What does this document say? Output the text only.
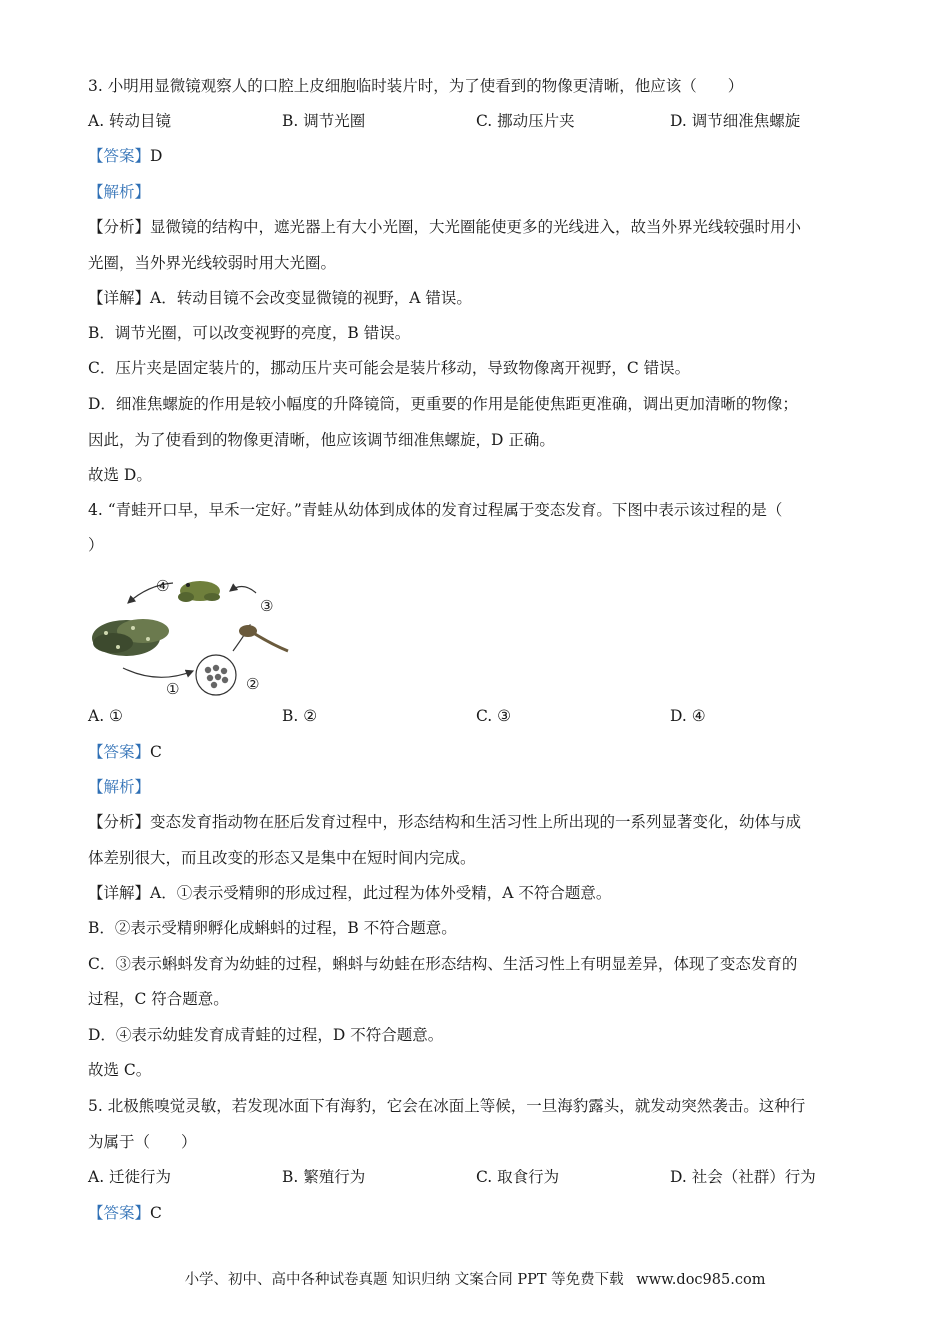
3. 小明用显微镜观察人的口腔上皮细胞临时装片时，为了使看到的物像更清晰，他应该（　　）
A. 转动目镜	B. 调节光圈	C. 挪动压片夹	D. 调节细准焦螺旋
【答案】D
【解析】
【分析】显微镜的结构中，遮光器上有大小光圈，大光圈能使更多的光线进入，故当外界光线较强时用小
光圈，当外界光线较弱时用大光圈。
【详解】A．转动目镜不会改变显微镜的视野，A 错误。
B．调节光圈，可以改变视野的亮度，B 错误。
C．压片夹是固定装片的，挪动压片夹可能会是装片移动，导致物像离开视野，C 错误。
D．细准焦螺旋的作用是较小幅度的升降镜筒，更重要的作用是能使焦距更准确，调出更加清晰的物像；
因此，为了使看到的物像更清晰，他应该调节细准焦螺旋，D 正确。
故选 D。
4. “青蛙开口早，早禾一定好。”青蛙从幼体到成体的发育过程属于变态发育。下图中表示该过程的是（
）
①	②
③
④
A. ①	B. ②	C. ③	D. ④
【答案】C
【解析】
【分析】变态发育指动物在胚后发育过程中，形态结构和生活习性上所出现的一系列显著变化，幼体与成
体差别很大，而且改变的形态又是集中在短时间内完成。
【详解】A．①表示受精卵的形成过程，此过程为体外受精，A 不符合题意。
B．②表示受精卵孵化成蝌蚪的过程，B 不符合题意。
C．③表示蝌蚪发育为幼蛙的过程，蝌蚪与幼蛙在形态结构、生活习性上有明显差异，体现了变态发育的
过程，C 符合题意。
D．④表示幼蛙发育成青蛙的过程，D 不符合题意。
故选 C。
5. 北极熊嗅觉灵敏，若发现冰面下有海豹，它会在冰面上等候，一旦海豹露头，就发动突然袭击。这种行
为属于（　　）
A. 迁徙行为	B. 繁殖行为	C. 取食行为	D. 社会（社群）行为
【答案】C
小学、初中、高中各种试卷真题 知识归纳 文案合同 PPT 等免费下载 www.doc985.com
